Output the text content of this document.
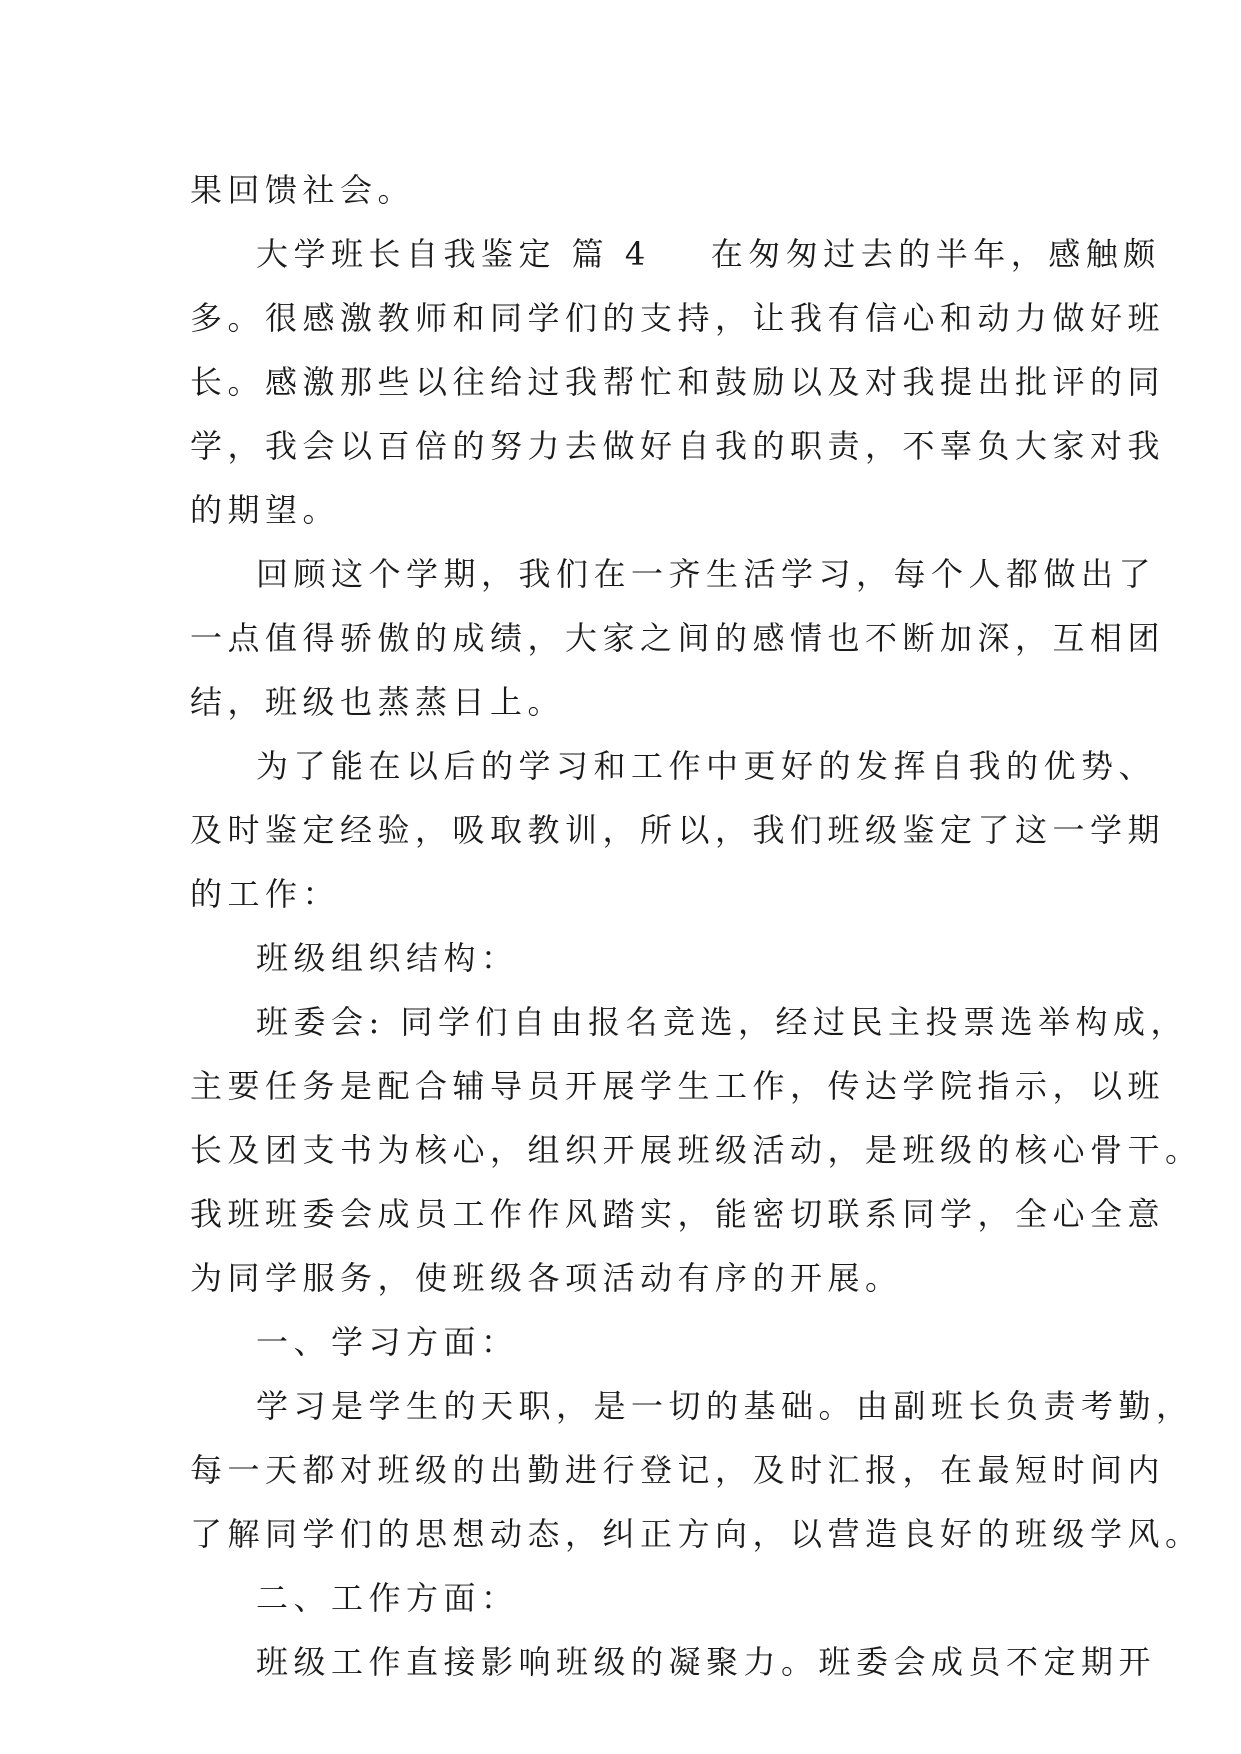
果回馈社会。
大学班长自我鉴定 篇 4 在匆匆过去的半年，感触颇
多。很感激教师和同学们的支持，让我有信心和动力做好班
长。感激那些以往给过我帮忙和鼓励以及对我提出批评的同
学，我会以百倍的努力去做好自我的职责，不辜负大家对我
的期望。
回顾这个学期，我们在一齐生活学习，每个人都做出了
一点值得骄傲的成绩，大家之间的感情也不断加深，互相团
结，班级也蒸蒸日上。
为了能在以后的学习和工作中更好的发挥自我的优势、
及时鉴定经验，吸取教训，所以，我们班级鉴定了这一学期
的工作：
班级组织结构：
班委会: 同学们自由报名竞选，经过民主投票选举构成，
主要任务是配合辅导员开展学生工作，传达学院指示，以班
长及团支书为核心，组织开展班级活动，是班级的核心骨干。
我班班委会成员工作作风踏实，能密切联系同学，全心全意
为同学服务，使班级各项活动有序的开展。
一、学习方面：
学习是学生的天职，是一切的基础。由副班长负责考勤，
每一天都对班级的出勤进行登记，及时汇报，在最短时间内
了解同学们的思想动态，纠正方向，以营造良好的班级学风。
二、工作方面：
班级工作直接影响班级的凝聚力。班委会成员不定期开
